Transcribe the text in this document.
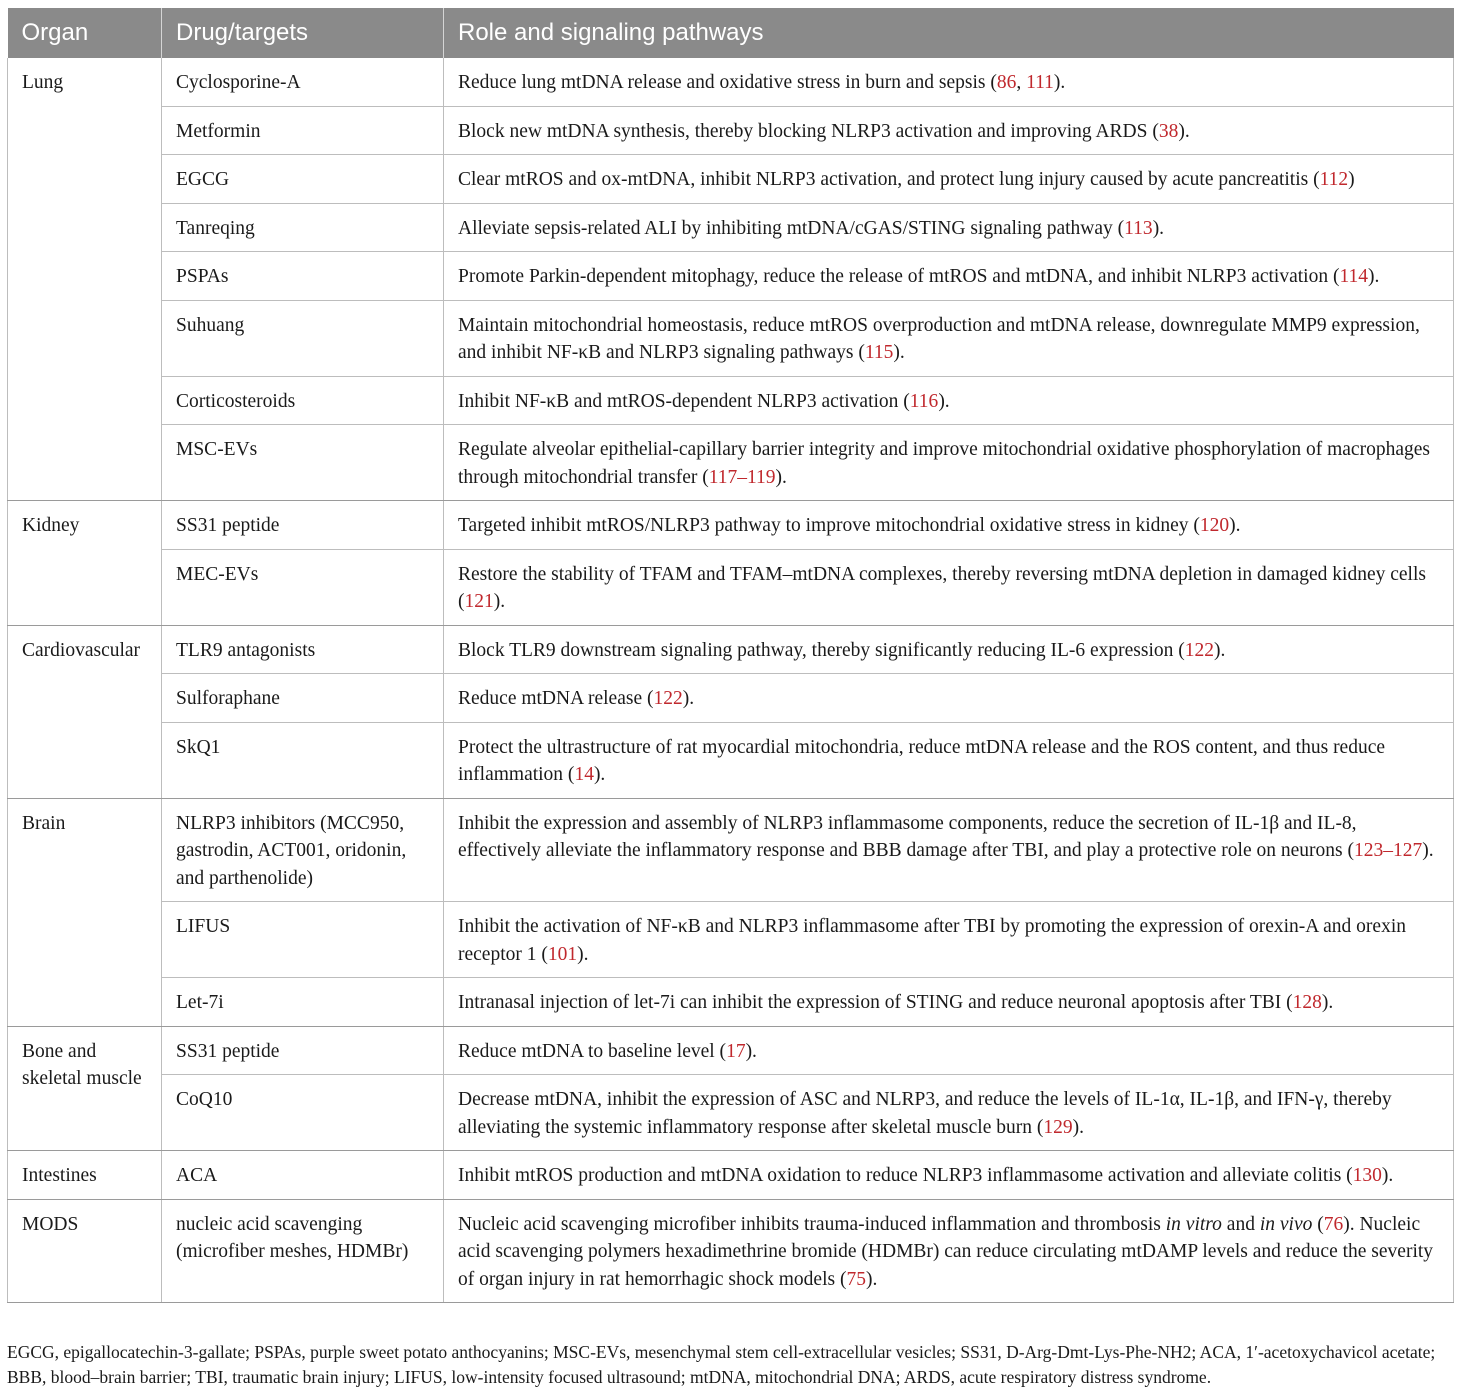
Organ	Drug/targets	Role and signaling pathways
Lung	Cyclosporine-A	Reduce lung mtDNA release and oxidative stress in burn and sepsis (86, 111).
	Metformin	Block new mtDNA synthesis, thereby blocking NLRP3 activation and improving ARDS (38).
	EGCG	Clear mtROS and ox-mtDNA, inhibit NLRP3 activation, and protect lung injury caused by acute pancreatitis (112)
	Tanreqing	Alleviate sepsis-related ALI by inhibiting mtDNA/cGAS/STING signaling pathway (113).
	PSPAs	Promote Parkin-dependent mitophagy, reduce the release of mtROS and mtDNA, and inhibit NLRP3 activation (114).
	Suhuang	Maintain mitochondrial homeostasis, reduce mtROS overproduction and mtDNA release, downregulate MMP9 expression, and inhibit NF-κB and NLRP3 signaling pathways (115).
	Corticosteroids	Inhibit NF-κB and mtROS-dependent NLRP3 activation (116).
	MSC-EVs	Regulate alveolar epithelial-capillary barrier integrity and improve mitochondrial oxidative phosphorylation of macrophages through mitochondrial transfer (117–119).
Kidney	SS31 peptide	Targeted inhibit mtROS/NLRP3 pathway to improve mitochondrial oxidative stress in kidney (120).
	MEC-EVs	Restore the stability of TFAM and TFAM–mtDNA complexes, thereby reversing mtDNA depletion in damaged kidney cells (121).
Cardiovascular	TLR9 antagonists	Block TLR9 downstream signaling pathway, thereby significantly reducing IL-6 expression (122).
	Sulforaphane	Reduce mtDNA release (122).
	SkQ1	Protect the ultrastructure of rat myocardial mitochondria, reduce mtDNA release and the ROS content, and thus reduce inflammation (14).
Brain	NLRP3 inhibitors (MCC950, gastrodin, ACT001, oridonin, and parthenolide)	Inhibit the expression and assembly of NLRP3 inflammasome components, reduce the secretion of IL-1β and IL-8, effectively alleviate the inflammatory response and BBB damage after TBI, and play a protective role on neurons (123–127).
	LIFUS	Inhibit the activation of NF-κB and NLRP3 inflammasome after TBI by promoting the expression of orexin-A and orexin receptor 1 (101).
	Let-7i	Intranasal injection of let-7i can inhibit the expression of STING and reduce neuronal apoptosis after TBI (128).
Bone and skeletal muscle	SS31 peptide	Reduce mtDNA to baseline level (17).
	CoQ10	Decrease mtDNA, inhibit the expression of ASC and NLRP3, and reduce the levels of IL-1α, IL-1β, and IFN-γ, thereby alleviating the systemic inflammatory response after skeletal muscle burn (129).
Intestines	ACA	Inhibit mtROS production and mtDNA oxidation to reduce NLRP3 inflammasome activation and alleviate colitis (130).
MODS	nucleic acid scavenging (microfiber meshes, HDMBr)	Nucleic acid scavenging microfiber inhibits trauma-induced inflammation and thrombosis in vitro and in vivo (76). Nucleic acid scavenging polymers hexadimethrine bromide (HDMBr) can reduce circulating mtDAMP levels and reduce the severity of organ injury in rat hemorrhagic shock models (75).
EGCG, epigallocatechin-3-gallate; PSPAs, purple sweet potato anthocyanins; MSC-EVs, mesenchymal stem cell-extracellular vesicles; SS31, D-Arg-Dmt-Lys-Phe-NH2; ACA, 1′-acetoxychavicol acetate; BBB, blood–brain barrier; TBI, traumatic brain injury; LIFUS, low-intensity focused ultrasound; mtDNA, mitochondrial DNA; ARDS, acute respiratory distress syndrome.
